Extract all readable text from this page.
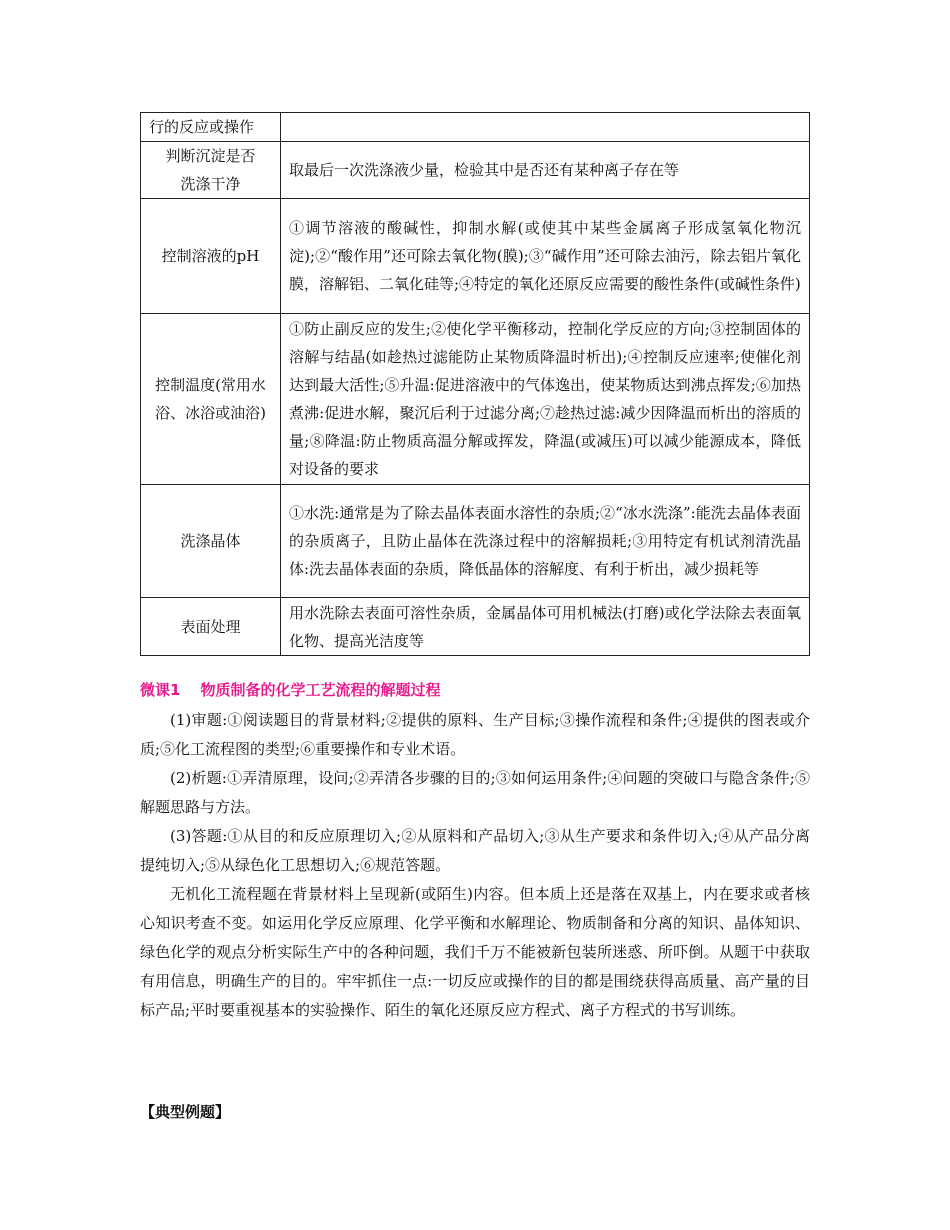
行的反应或操作	
判断沉淀是否洗涤干净	取最后一次洗涤液少量，检验其中是否还有某种离子存在等
控制溶液的pH	①调节溶液的酸碱性，抑制水解(或使其中某些金属离子形成氢氧化物沉淀);②“酸作用”还可除去氧化物(膜);③“碱作用”还可除去油污，除去铝片氧化膜，溶解铝、二氧化硅等;④特定的氧化还原反应需要的酸性条件(或碱性条件)
控制温度(常用水浴、冰浴或油浴)	①防止副反应的发生;②使化学平衡移动，控制化学反应的方向;③控制固体的溶解与结晶(如趁热过滤能防止某物质降温时析出);④控制反应速率;使催化剂达到最大活性;⑤升温:促进溶液中的气体逸出，使某物质达到沸点挥发;⑥加热煮沸:促进水解，聚沉后利于过滤分离;⑦趁热过滤:减少因降温而析出的溶质的量;⑧降温:防止物质高温分解或挥发，降温(或减压)可以减少能源成本，降低对设备的要求
洗涤晶体	①水洗:通常是为了除去晶体表面水溶性的杂质;②“冰水洗涤”:能洗去晶体表面的杂质离子，且防止晶体在洗涤过程中的溶解损耗;③用特定有机试剂清洗晶体:洗去晶体表面的杂质，降低晶体的溶解度、有利于析出，减少损耗等
表面处理	用水洗除去表面可溶性杂质，金属晶体可用机械法(打磨)或化学法除去表面氧化物、提高光洁度等
微课1 物质制备的化学工艺流程的解题过程

(1)审题:①阅读题目的背景材料;②提供的原料、生产目标;③操作流程和条件;④提供的图表或介质;⑤化工流程图的类型;⑥重要操作和专业术语。

(2)析题:①弄清原理，设问;②弄清各步骤的目的;③如何运用条件;④问题的突破口与隐含条件;⑤解题思路与方法。

(3)答题:①从目的和反应原理切入;②从原料和产品切入;③从生产要求和条件切入;④从产品分离提纯切入;⑤从绿色化工思想切入;⑥规范答题。

无机化工流程题在背景材料上呈现新(或陌生)内容。但本质上还是落在双基上，内在要求或者核心知识考查不变。如运用化学反应原理、化学平衡和水解理论、物质制备和分离的知识、晶体知识、绿色化学的观点分析实际生产中的各种问题，我们千万不能被新包装所迷惑、所吓倒。从题干中获取有用信息，明确生产的目的。牢牢抓住一点:一切反应或操作的目的都是围绕获得高质量、高产量的目标产品;平时要重视基本的实验操作、陌生的氧化还原反应方程式、离子方程式的书写训练。

【典型例题】
